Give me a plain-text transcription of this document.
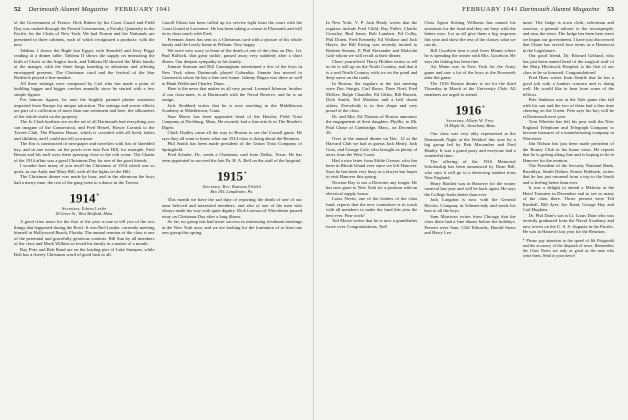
52 Dartmouth Alumni Magazine FEBRUARY 1941

of the Government of France. Dick Ruben by his Coast Guard and Field Day was rushed through the French Government, a Faculty Quarterly in the Pacific for the Clubs of New York. We had Norton and the Nationals are presented in three cabinets, each of which recognized a products: with the new.

Tableau 1 shows the Right lost Egypt, with Shurtleff and Jerry Peggs reading at a dinner table. Tableau II shows the supply on measuring the birth of Christ at the Anglos book, and Tableau III showed the Mitts family at the manger, with the three kings kneeling in adoration and offering enwrapped presents. The Christmas carol and the festival of the Star Roderick played a fine number.

All these settings were composed by Carl who has made a point of building bigger and bigger creches annually since he started with a few simple figures.

For famous figures, he uses the brightly painted plaster statuettes imported from Europe for unique attraction. The settings and scenic effects are part of a collection of more than one sentiment and here, the silhouettes of the whole outfit on the property.

The Jo Clark brothers are on the set of all Dartmouth had everything you can imagine of the Connecticut, and Fred Hetzel, Howie Cornish to the Tavern Club. The Phoenix House, which is crowded with all lively ladies and children, and I could not tell you more.

The Jim is constructed of newspaper and novelties with lots of shredded hay, and in one scene, on the porch over into Fort Hill, for example, Fred Bessie and his staff were there pressing close to the crib scene. The Charm of the 1914 affair was a good Christmas Day for one of the good friends.

I wonder how many of you recall the Christmas of 1914 which was so quiet, as our Andy and Mary Bill, with all the lights on the Hill.

The Christmas dinner was made by hour, and in the afternoon the boys had a merry time, the rest of the gang went to a dance in the Tavern.

1914*
Secretary, Edwin Leslie
18 Grove St., West Medford, Mass.

A good class notes for the first of the year is one to tell you of the two things that happened during the Bowl. It was Red Lauder, currently meeting himself at Hollywood Beach, Florida. The annual reunion of the class is one of the perennial and gracefully generous contests. Bill Sun by all members of the class and Mack Wilkins so loved his family in a matter of a month.

Ray Pirie and Bob Rand are on the loading pier of Lake Sunapee, while Bob has a cheery Christmas word of good luck to all.

Carroll Edson has been called up for service right from the court with the Coast Guard at Lawrence. He has been taking a course at Plymouth and will be in close touch with Fred.

Freeman Jones has sent us a Christmas card with a picture of his whole family and the lovely home at Pelham. Very happy.

We were very sorry to learn of the death of one of the class on Dec. 1st. Paul Bullock, that great tackle, passed away very suddenly after a short illness. Our deepest sympathy to his family.

Jimmie Seaman and Bill Cunningham entertained a few of the boys in New York when Dartmouth played Columbia. Jimmie has moved to Greenwich where he has a fine new home. Johnny Dugan was there as well as Hank Walsh and Charley Dunn.

Here is the news that makes us all very proud. Leonard Johnson, brother of our class-mate, is at Dartmouth with the Naval Reserve, and he is an ensign.

Jack Stoddard writes that he is now teaching in the Middletown Academy at Middletown, Conn.

Stan Morse has been appointed head of the Hawley Field Trust Company at Fitchburg, Mass. He recently had a fine article in The Reader's Digest.

Chick Dudley came all the way to Boston to see the Cornell game. He says they all want to know what our 1914 class is doing about the Reunion.

Phil Smith has been made president of the Union Trust Company of Springfield.

Fred Schuler, Dr., sends a Christmas card from Dallas, Texas. He has been appointed to succeed the late Dr. H. A. Bell on the staff of the hospital.

1915*
Secretary, Rev. Ransom Fifield
Box 100, Lansdowne, Pa.

This month we have the sad duty of reporting the death of one of our most beloved and interested members, and also of one of the men who always made his way with quiet dignity. Dick Lawson of Winchester passed away on Christmas Day after a long illness.

So far, no group has had more success in interesting freshman meetings in the New York area, and we are looking for the formation of at least one new group this spring.

FEBRUARY 1941 Dartmouth Alumni Magazine 53

In New York, V. P. Jack Healy writes that the regulars include Fred Child, Ray Fuller, Charlie Crossley, Bud Jones, Bob Lambert, Ed Colby, Phil Doten, Fred Kennedy, Ed Wallace and Jack Hayes, the Bill Ewing was recently invited to Reuben Stearns, P. Phil Alexander and Malcolm Gale whom we will recall at their dinner.

Cheer yourselves! Harry Holden writes to tell us he is still up on the North Country, and that it is a real North Country with ice on the pond and deep snow on the roads.

In Boston, the regulars at the last meeting were Doc Sturgis, Carl Rowe, Dave Noel, Fred McKee, Ralph Chandler, Ed Gibbs, Bill Bassett, Dick Smith, Ted Moulton and a half dozen others. Everybody is in fine shape and very proud of the class.

Dr. and Mrs. Ed Thomas of Boston announce the engagement of their daughter, Phyllis, to Mr. Paul Chase of Cambridge, Mass., on December 20.

Over at the annual dinner on Dec. 12 at the Harvard Club we had as guests Jack Healy, Jack Goss, and George Cole, who brought us plenty of news from the West Coast.

Had a nice letter from Eddie Gerson, who has been in Rhode Island ever since we left Hanover. Says he has been very busy as a lawyer but hopes to visit Hanover this spring.

Newton Day is not a Detroiter any longer. He has now gone to New York for a position with an electrical supply house.

Louis Nevin, one of the leaders of the class fund, reports that the new committee is in touch with all members to make the fund this year the best ever. Fine work!

Ted Morse writes that he is now a grandfather twice over. Congratulations, Ted!

Class Agent Stirling Williams has named his assistants for the fund and they are busy with the letters now. Let us all give them a big response this year and show the rest of the classes what we can do.

Bill Goodwin sent a card from Miami where he is spending the winter with Mrs. Goodwin. He says the fishing has been fine.

Art Mann was in New York for the Army game and saw a lot of the boys at the Roosevelt after the game.

The 1916 Boston dinner is set for the third Thursday in March at the University Club. All members are urged to attend.

1916*
Secretary, Albert W. Frey
14 Maple St., Stoneham, Mass.

Our class was very ably represented at the Dartmouth Night at the Waldorf this year by a big group led by Bob Macomber and Fred Hanley. It was a grand party and everyone had a wonderful time.

The offering of the 1916 Memorial Scholarship has been announced by Dean Bill, who says it will go to a deserving student from New England.

Harry Bartlett was in Hanover for the winter carnival last year and will be back again. He says the College looks better than ever.

Jack Langdon is now with the General Electric Company in Schenectady and sends his best to all the boys.

Sam Morrison writes from Chicago that the class there had a fine dinner before the holidays. Present were Sam, Cliff Edwards, Harold Stone and Harry Lee.

more. The Judge is town clerk, selectman and assessor, a general adviser to the townspeople, and runs the town. The Judge has been here since we began our government. I have just discovered that Chase has served four terms as a Democrat in the Legislature.

Our good friend, Dr. Edward Gelfand, who has just been named head of the surgical staff of the Mary Hitchcock Hospital, is the first of our class to be so honored. Congratulations!

Fred Huse writes from Seattle that he has a good job with a lumber concern and is doing well. He would like to hear from some of the fellows.

Pete Sanborn was at the Yale game this fall with his son and the two of them had a fine time cheering on the Green. Pete says his boy will be at Dartmouth next year.

Tom Wheeler has left his post with the New England Telephone and Telegraph Company to become treasurer of a manufacturing company in Worcester.

Jim Nelson has just been made president of the Rotary Club in his home town. He reports that he is getting along fine and is hoping to be in Hanover for the reunion.

The President of the Security National Bank, Brooklyn, Smith Dalton, Ernest Fishback, writes that he has just returned from a trip to the South and is feeling better than ever.

It was a delight to attend a Melrose at the Hotel Touraine in December and to see so many of the class there. Those present were Ted Kimball, Bill Ayer, Joe Rand, George Hay and Carl Hopkins.

Dr. Phil Dain's son is Lt. Louis Dain who was recently graduated from the Naval Academy and now serves on the U. S. S. Augusta in the Pacific. He was in Hanover last year for the Reunion.

* Please pay attention to the speed of Jib Fitzgerald and the accuracy of the dispatch of news. Remember, the Class Notes are only as good as the men who write them. Send in your news!
